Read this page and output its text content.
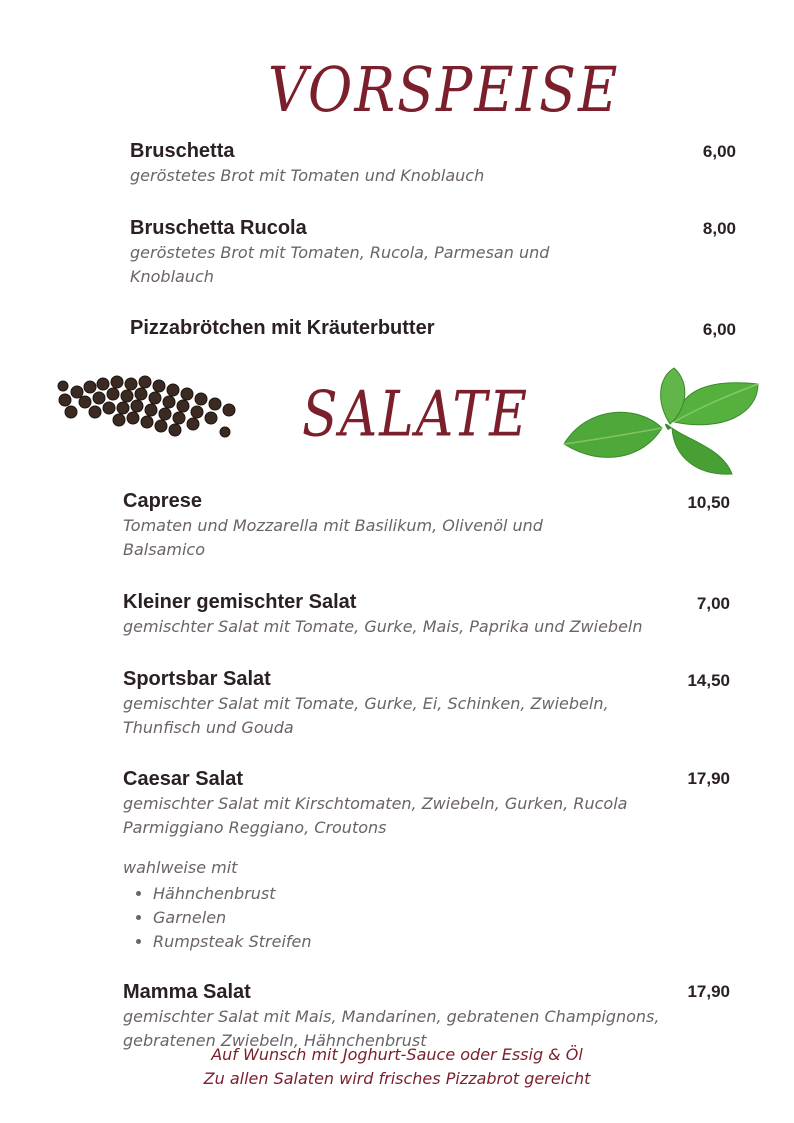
VORSPEISE

Bruschetta

geröstetes Brot mit Tomaten und Knoblauch

6,00

Bruschetta Rucola

geröstetes Brot mit Tomaten, Rucola, Parmesan und Knoblauch

8,00

Pizzabrötchen mit Kräuterbutter	6,00
SALATE

Caprese

Tomaten und Mozzarella mit Basilikum, Olivenöl und Balsamico

10,50

Kleiner gemischter Salat

gemischter Salat mit Tomate, Gurke, Mais, Paprika und Zwiebeln

7,00

Sportsbar Salat

gemischter Salat mit Tomate, Gurke, Ei, Schinken, Zwiebeln, Thunfisch und Gouda

14,50

Caesar Salat

gemischter Salat mit Kirschtomaten, Zwiebeln, Gurken, Rucola Parmiggiano Reggiano, Croutons

17,90

wahlweise mit

• Hähnchenbrust
• Garnelen
• Rumpsteak Streifen

Mamma Salat

gemischter Salat mit Mais, Mandarinen, gebratenen Champignons, gebratenen Zwiebeln, Hähnchenbrust

17,90
Auf Wunsch mit Joghurt-Sauce oder Essig & Öl
Zu allen Salaten wird frisches Pizzabrot gereicht
